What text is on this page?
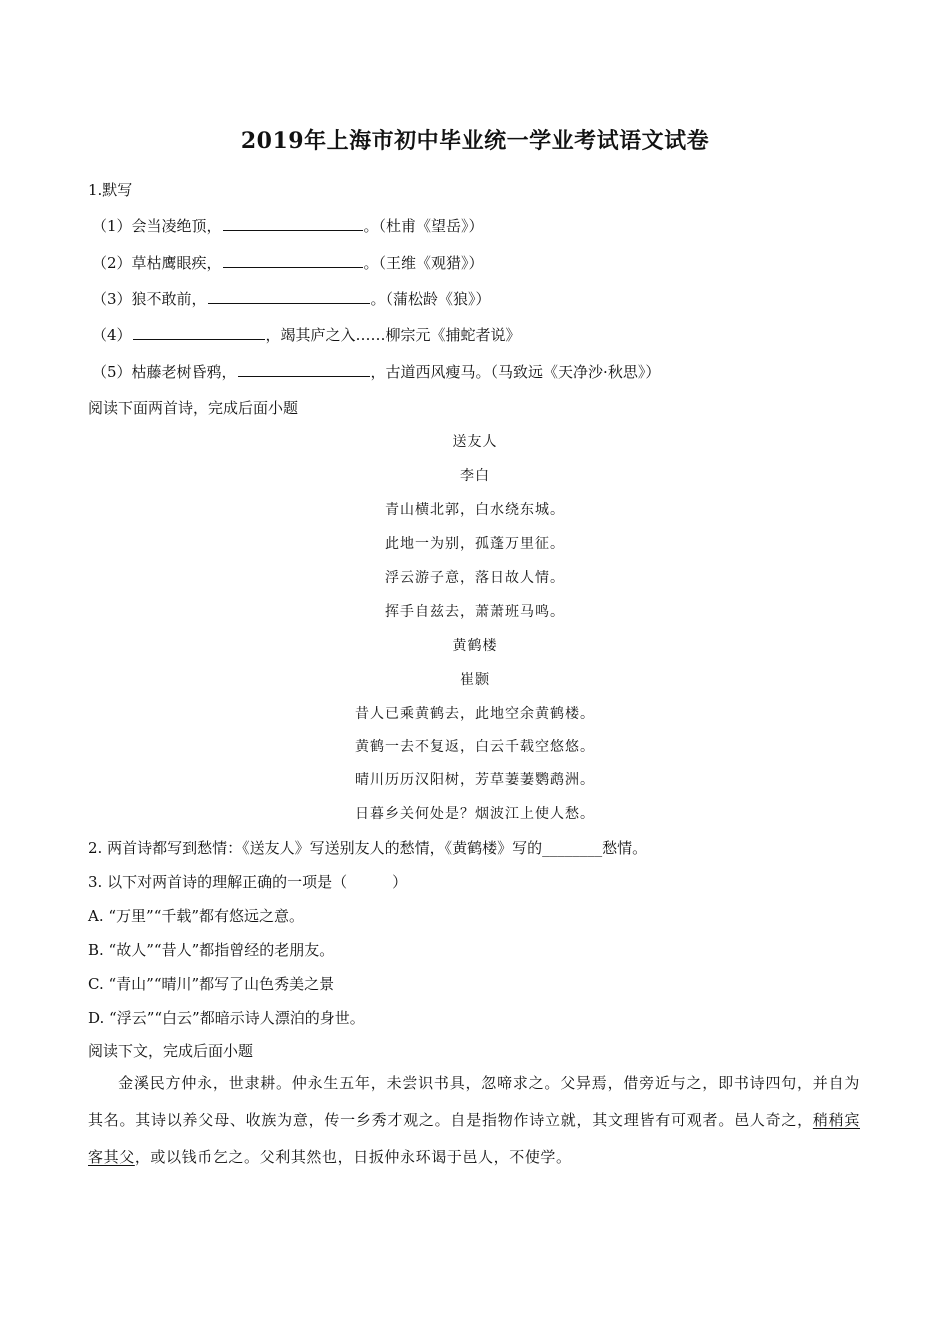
2019年上海市初中毕业统一学业考试语文试卷
1.默写
（1）会当凌绝顶，	。（杜甫《望岳》）
（2）草枯鹰眼疾，	。（王维《观猎》）
（3）狼不敢前，	。（蒲松龄《狼》）
（4）	，竭其庐之入……柳宗元《捕蛇者说》
（5）枯藤老树昏鸦，	，古道西风瘦马。（马致远《天净沙·秋思》）
阅读下面两首诗，完成后面小题
送友人
李白
青山横北郭，白水绕东城。
此地一为别，孤蓬万里征。
浮云游子意，落日故人情。
挥手自兹去，萧萧班马鸣。
黄鹤楼
崔颢
昔人已乘黄鹤去，此地空余黄鹤楼。
黄鹤一去不复返，白云千载空悠悠。
晴川历历汉阳树，芳草萋萋鹦鹉洲。
日暮乡关何处是？烟波江上使人愁。
2. 两首诗都写到愁情：《送友人》写送别友人的愁情，《黄鹤楼》写的________愁情。
3. 以下对两首诗的理解正确的一项是（　　　）
A. “万里”“千载”都有悠远之意。
B. “故人”“昔人”都指曾经的老朋友。
C. “青山”“晴川”都写了山色秀美之景
D. “浮云”“白云”都暗示诗人漂泊的身世。
阅读下文，完成后面小题
金溪民方仲永，世隶耕。仲永生五年，未尝识书具，忽啼求之。父异焉，借旁近与之，即书诗四句，并自为其名。其诗以养父母、收族为意，传一乡秀才观之。自是指物作诗立就，其文理皆有可观者。邑人奇之，稍稍宾客其父，或以钱币乞之。父利其然也，日扳仲永环谒于邑人，不使学。
